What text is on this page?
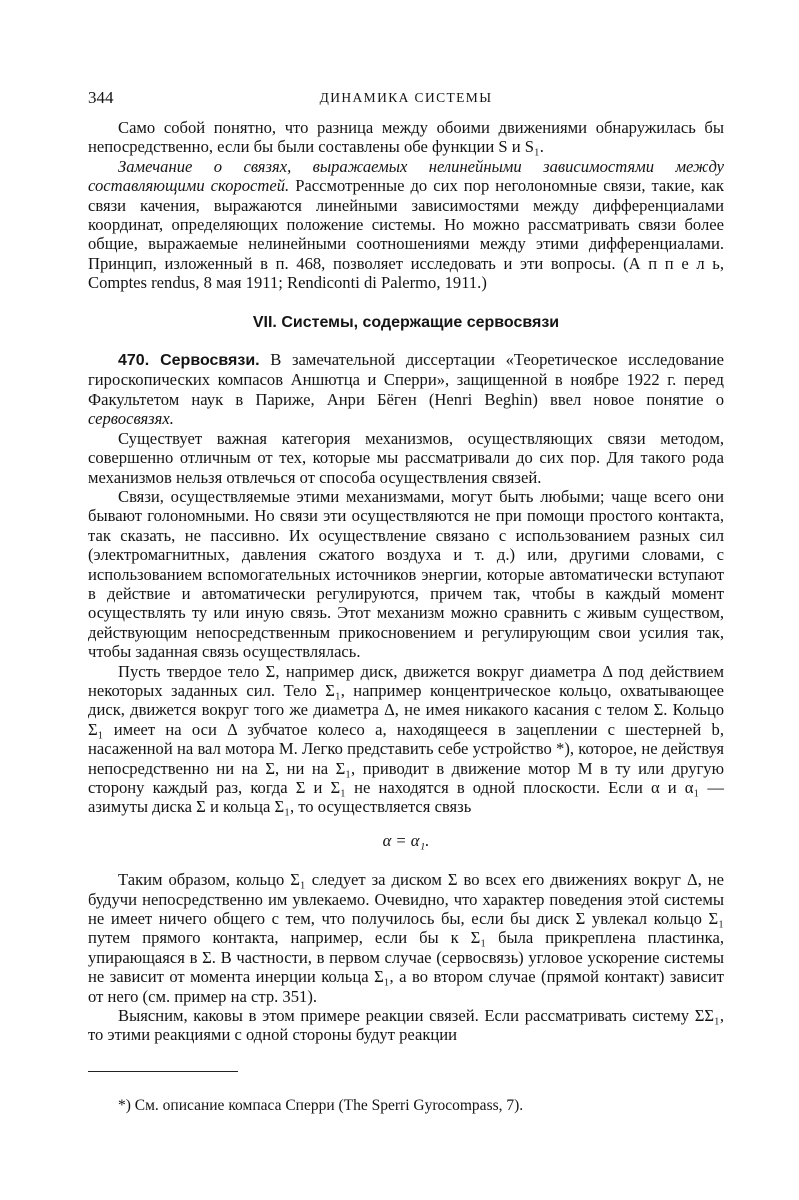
344	ДИНАМИКА СИСТЕМЫ

Само собой понятно, что разница между обоими движениями обнаружилась бы непосредственно, если бы были составлены обе функции S и S₁.

Замечание о связях, выражаемых нелинейными зависимостями между составляющими скоростей. Рассмотренные до сих пор неголономные связи, такие, как связи качения, выражаются линейными зависимостями между дифференциалами координат, определяющих положение системы. Но можно рассматривать связи более общие, выражаемые нелинейными соотношениями между этими дифференциалами. Принцип, изложенный в п. 468, позволяет исследовать и эти вопросы. (А п п е л ь, Comptes rendus, 8 мая 1911; Rendiconti di Palermo, 1911.)

VII. Системы, содержащие сервосвязи

470. Сервосвязи. В замечательной диссертации «Теоретическое исследование гироскопических компасов Аншютца и Сперри», защищенной в ноябре 1922 г. перед Факультетом наук в Париже, Анри Бёген (Henri Beghin) ввел новое понятие о сервосвязях.

Существует важная категория механизмов, осуществляющих связи методом, совершенно отличным от тех, которые мы рассматривали до сих пор. Для такого рода механизмов нельзя отвлечься от способа осуществления связей.

Связи, осуществляемые этими механизмами, могут быть любыми; чаще всего они бывают голономными. Но связи эти осуществляются не при помощи простого контакта, так сказать, не пассивно. Их осуществление связано с использованием разных сил (электромагнитных, давления сжатого воздуха и т. д.) или, другими словами, с использованием вспомогательных источников энергии, которые автоматически вступают в действие и автоматически регулируются, причем так, чтобы в каждый момент осуществлять ту или иную связь. Этот механизм можно сравнить с живым существом, действующим непосредственным прикосновением и регулирующим свои усилия так, чтобы заданная связь осуществлялась.

Пусть твердое тело Σ, например диск, движется вокруг диаметра Δ под действием некоторых заданных сил. Тело Σ₁, например концентрическое кольцо, охватывающее диск, движется вокруг того же диаметра Δ, не имея никакого касания с телом Σ. Кольцо Σ₁ имеет на оси Δ зубчатое колесо a, находящееся в зацеплении с шестерней b, насаженной на вал мотора M. Легко представить себе устройство *), которое, не действуя непосредственно ни на Σ, ни на Σ₁, приводит в движение мотор M в ту или другую сторону каждый раз, когда Σ и Σ₁ не находятся в одной плоскости. Если α и α₁ — азимуты диска Σ и кольца Σ₁, то осуществляется связь

α = α₁.

Таким образом, кольцо Σ₁ следует за диском Σ во всех его движениях вокруг Δ, не будучи непосредственно им увлекаемо. Очевидно, что характер поведения этой системы не имеет ничего общего с тем, что получилось бы, если бы диск Σ увлекал кольцо Σ₁ путем прямого контакта, например, если бы к Σ₁ была прикреплена пластинка, упирающаяся в Σ. В частности, в первом случае (сервосвязь) угловое ускорение системы не зависит от момента инерции кольца Σ₁, а во втором случае (прямой контакт) зависит от него (см. пример на стр. 351).

Выясним, каковы в этом примере реакции связей. Если рассматривать систему ΣΣ₁, то этими реакциями с одной стороны будут реакции

*) См. описание компаса Сперри (The Sperri Gyrocompass, 7).
